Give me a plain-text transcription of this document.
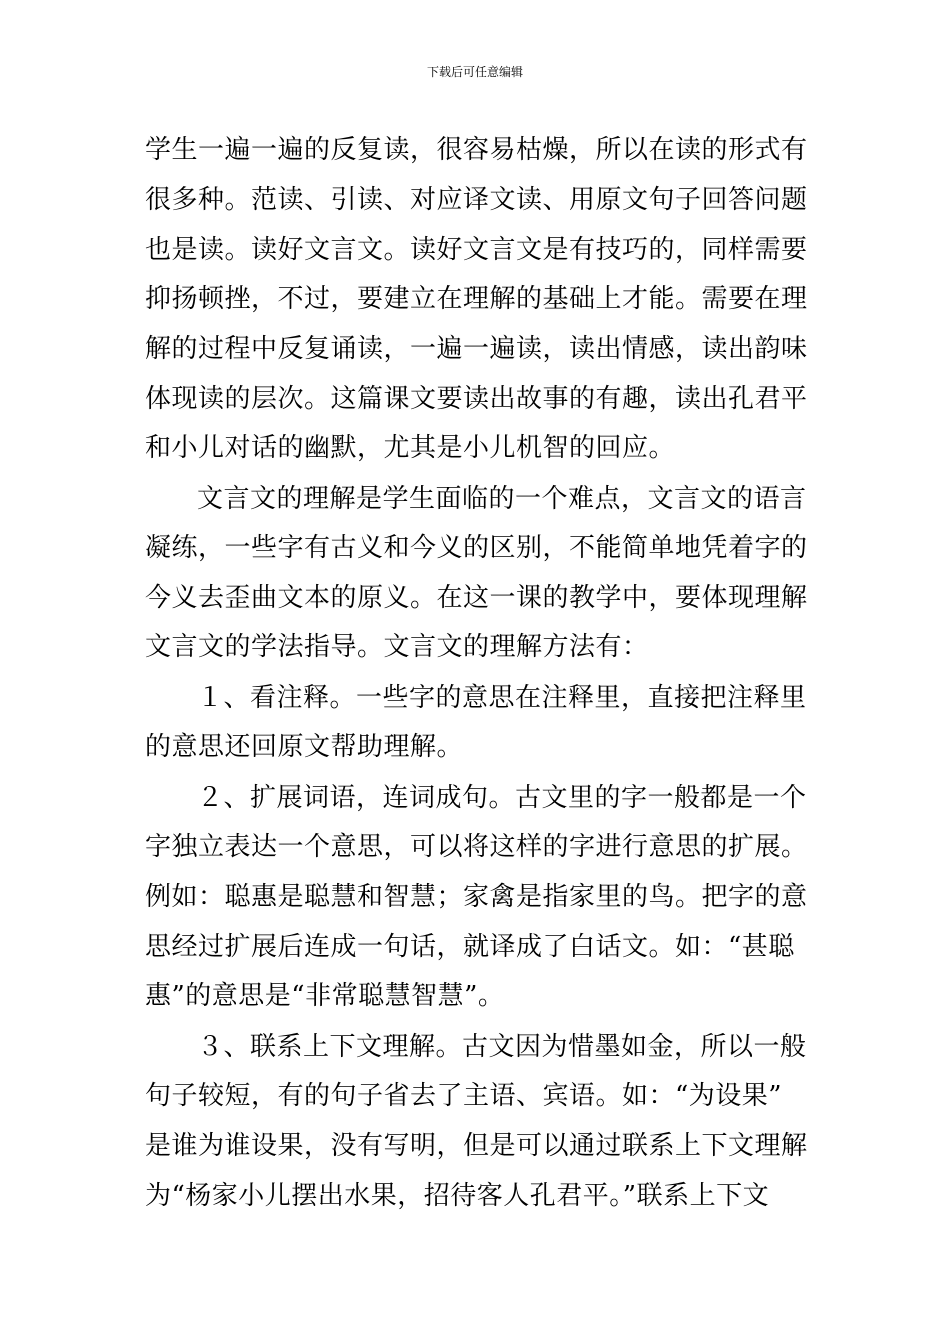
下载后可任意编辑
学生一遍一遍的反复读，很容易枯燥，所以在读的形式有
很多种。范读、引读、对应译文读、用原文句子回答问题
也是读。读好文言文。读好文言文是有技巧的，同样需要
抑扬顿挫，不过，要建立在理解的基础上才能。需要在理
解的过程中反复诵读，一遍一遍读，读出情感，读出韵味
体现读的层次。这篇课文要读出故事的有趣，读出孔君平
和小儿对话的幽默，尤其是小儿机智的回应。
文言文的理解是学生面临的一个难点，文言文的语言
凝练，一些字有古义和今义的区别，不能简单地凭着字的
今义去歪曲文本的原义。在这一课的教学中，要体现理解
文言文的学法指导。文言文的理解方法有：
１、看注释。一些字的意思在注释里，直接把注释里
的意思还回原文帮助理解。
２、扩展词语，连词成句。古文里的字一般都是一个
字独立表达一个意思，可以将这样的字进行意思的扩展。
例如：聪惠是聪慧和智慧；家禽是指家里的鸟。把字的意
思经过扩展后连成一句话，就译成了白话文。如：“甚聪
惠”的意思是“非常聪慧智慧”。
３、联系上下文理解。古文因为惜墨如金，所以一般
句子较短，有的句子省去了主语、宾语。如：“为设果”
是谁为谁设果，没有写明，但是可以通过联系上下文理解
为“杨家小儿摆出水果，招待客人孔君平。”联系上下文
